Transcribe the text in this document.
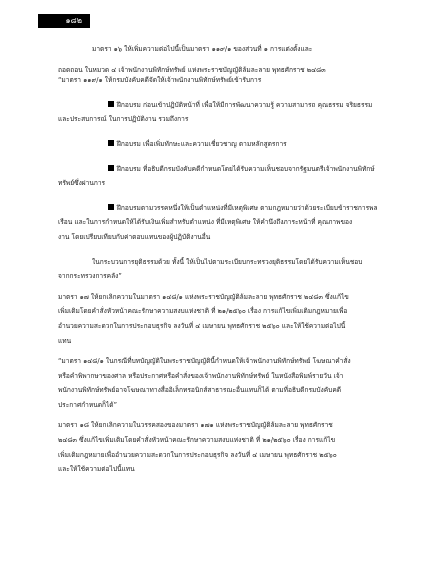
๑๘๒

มาตรา ๑๖ ให้เพิ่มความต่อไปนี้เป็นมาตรา ๑๑๙/๑ ของส่วนที่ ๑ การแต่งตั้งและ

ถอดถอน ในหมวด ๔ เจ้าพนักงานพิทักษ์ทรัพย์ แห่งพระราชบัญญัติล้มละลาย พุทธศักราช ๒๔๘๓

“มาตรา ๑๑๙/๑ ให้กรมบังคับคดีจัดให้เจ้าพนักงานพิทักษ์ทรัพย์เข้ารับการ

ฝึกอบรม ก่อนเข้าปฏิบัติหน้าที่ เพื่อให้มีการพัฒนาความรู้ ความสามารถ คุณธรรม จริยธรรม

และประสบการณ์ ในการปฏิบัติงาน รวมถึงการ

ฝึกอบรม เพื่อเพิ่มทักษะและความเชี่ยวชาญ ตามหลักสูตรการ

ฝึกอบรม ที่อธิบดีกรมบังคับคดีกำหนดโดยได้รับความเห็นชอบจากรัฐมนตรีเจ้าพนักงานพิทักษ์

ทรัพย์ซึ่งผ่านการ

ฝึกอบรมตามวรรคหนึ่งให้เป็นตำแหน่งที่มีเหตุพิเศษ ตามกฎหมายว่าด้วยระเบียบข้าราชการพล

เรือน และในการกำหนดให้ได้รับเงินเพิ่มสำหรับตำแหน่ง ที่มีเหตุพิเศษ ให้คำนึงถึงภาระหน้าที่ คุณภาพของ

งาน โดยเปรียบเทียบกับค่าตอบแทนของผู้ปฏิบัติงานอื่น

ในกระบวนการยุติธรรมด้วย ทั้งนี้ ให้เป็นไปตามระเบียบกระทรวงยุติธรรมโดยได้รับความเห็นชอบ

จากกระทรวงการคลัง”

มาตรา ๑๗ ให้ยกเลิกความในมาตรา ๑๔๘/๑ แห่งพระราชบัญญัติล้มละลาย พุทธศักราช ๒๔๘๓ ซึ่งแก้ไข

เพิ่มเติมโดยคำสั่งหัวหน้าคณะรักษาความสงบแห่งชาติ ที่ ๒๑/๒๕๖๐ เรื่อง การแก้ไขเพิ่มเติมกฎหมายเพื่อ

อำนวยความสะดวกในการประกอบธุรกิจ ลงวันที่ ๔ เมษายน พุทธศักราช ๒๕๖๐ และให้ใช้ความต่อไปนี้

แทน

“มาตรา ๑๔๘/๑ ในกรณีที่บทบัญญัติในพระราชบัญญัตินี้กำหนดให้เจ้าพนักงานพิทักษ์ทรัพย์ โฆษณาคำสั่ง

หรือคำพิพากษาของศาล หรือประกาศหรือคำสั่งของเจ้าพนักงานพิทักษ์ทรัพย์ ในหนังสือพิมพ์รายวัน เจ้า

พนักงานพิทักษ์ทรัพย์อาจโฆษณาทางสื่ออิเล็กทรอนิกส์สาธารณะอื่นแทนก็ได้ ตามที่อธิบดีกรมบังคับคดี

ประกาศกำหนดก็ได้”

มาตรา ๑๘ ให้ยกเลิกความในวรรคสองของมาตรา ๑๗๑ แห่งพระราชบัญญัติล้มละลาย พุทธศักราช

๒๔๘๓ ซึ่งแก้ไขเพิ่มเติมโดยคำสั่งหัวหน้าคณะรักษาความสงบแห่งชาติ ที่ ๒๑/๒๕๖๐ เรื่อง การแก้ไข

เพิ่มเติมกฎหมายเพื่ออำนวยความสะดวกในการประกอบธุรกิจ ลงวันที่ ๔ เมษายน พุทธศักราช ๒๕๖๐

และให้ใช้ความต่อไปนี้แทน
